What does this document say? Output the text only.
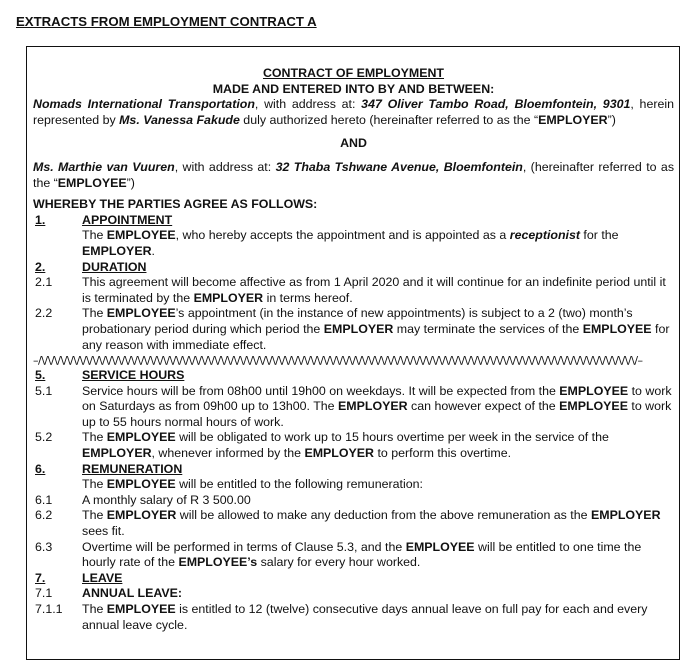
EXTRACTS FROM EMPLOYMENT CONTRACT A
CONTRACT OF EMPLOYMENT
MADE AND ENTERED INTO BY AND BETWEEN:

Nomads International Transportation, with address at: 347 Oliver Tambo Road, Bloemfontein, 9301, herein represented by Ms. Vanessa Fakude duly authorized hereto (hereinafter referred to as the “EMPLOYER”)

AND

Ms. Marthie van Vuuren, with address at: 32 Thaba Tshwane Avenue, Bloemfontein, (hereinafter referred to as the “EMPLOYEE”)

WHEREBY THE PARTIES AGREE AS FOLLOWS:
1.	APPOINTMENT
The EMPLOYEE, who hereby accepts the appointment and is appointed as a receptionist for the EMPLOYER.
2.	DURATION
2.1	This agreement will become affective as from 1 April 2020 and it will continue for an indefinite period until it is terminated by the EMPLOYER in terms hereof.
2.2	The EMPLOYEE’s appointment (in the instance of new appointments) is subject to a 2 (two) month’s probationary period during which period the EMPLOYER may terminate the services of the EMPLOYEE for any reason with immediate effect.
–/\/\/\/\/\/\/\/\/\/\/\/\/\/\/\/\/\/\/\/\/\/\/\/\/\/\/\/\/\/\/\/\/\/\/\/\/\/\/\/\/\/\/\/\/\/\/\/\/\/\/\/\/\/\/\/\/\/\/\/\/\/\/\/\/\/\/\/\/\/\/\/\/\/\/\/\/\/\/\/\/\/\/\/\/\/\/\/\/\/\/\/\/\/–
5.	SERVICE HOURS
5.1	Service hours will be from 08h00 until 19h00 on weekdays. It will be expected from the EMPLOYEE to work on Saturdays as from 09h00 up to 13h00. The EMPLOYER can however expect of the EMPLOYEE to work up to 55 hours normal hours of work.
5.2	The EMPLOYEE will be obligated to work up to 15 hours overtime per week in the service of the EMPLOYER, whenever informed by the EMPLOYER to perform this overtime.
6.	REMUNERATION
The EMPLOYEE will be entitled to the following remuneration:
6.1	A monthly salary of R 3 500.00
6.2	The EMPLOYER will be allowed to make any deduction from the above remuneration as the EMPLOYER sees fit.
6.3	Overtime will be performed in terms of Clause 5.3, and the EMPLOYEE will be entitled to one time the hourly rate of the EMPLOYEE’s salary for every hour worked.
7.	LEAVE
7.1	ANNUAL LEAVE:
7.1.1	The EMPLOYEE is entitled to 12 (twelve) consecutive days annual leave on full pay for each and every annual leave cycle.
